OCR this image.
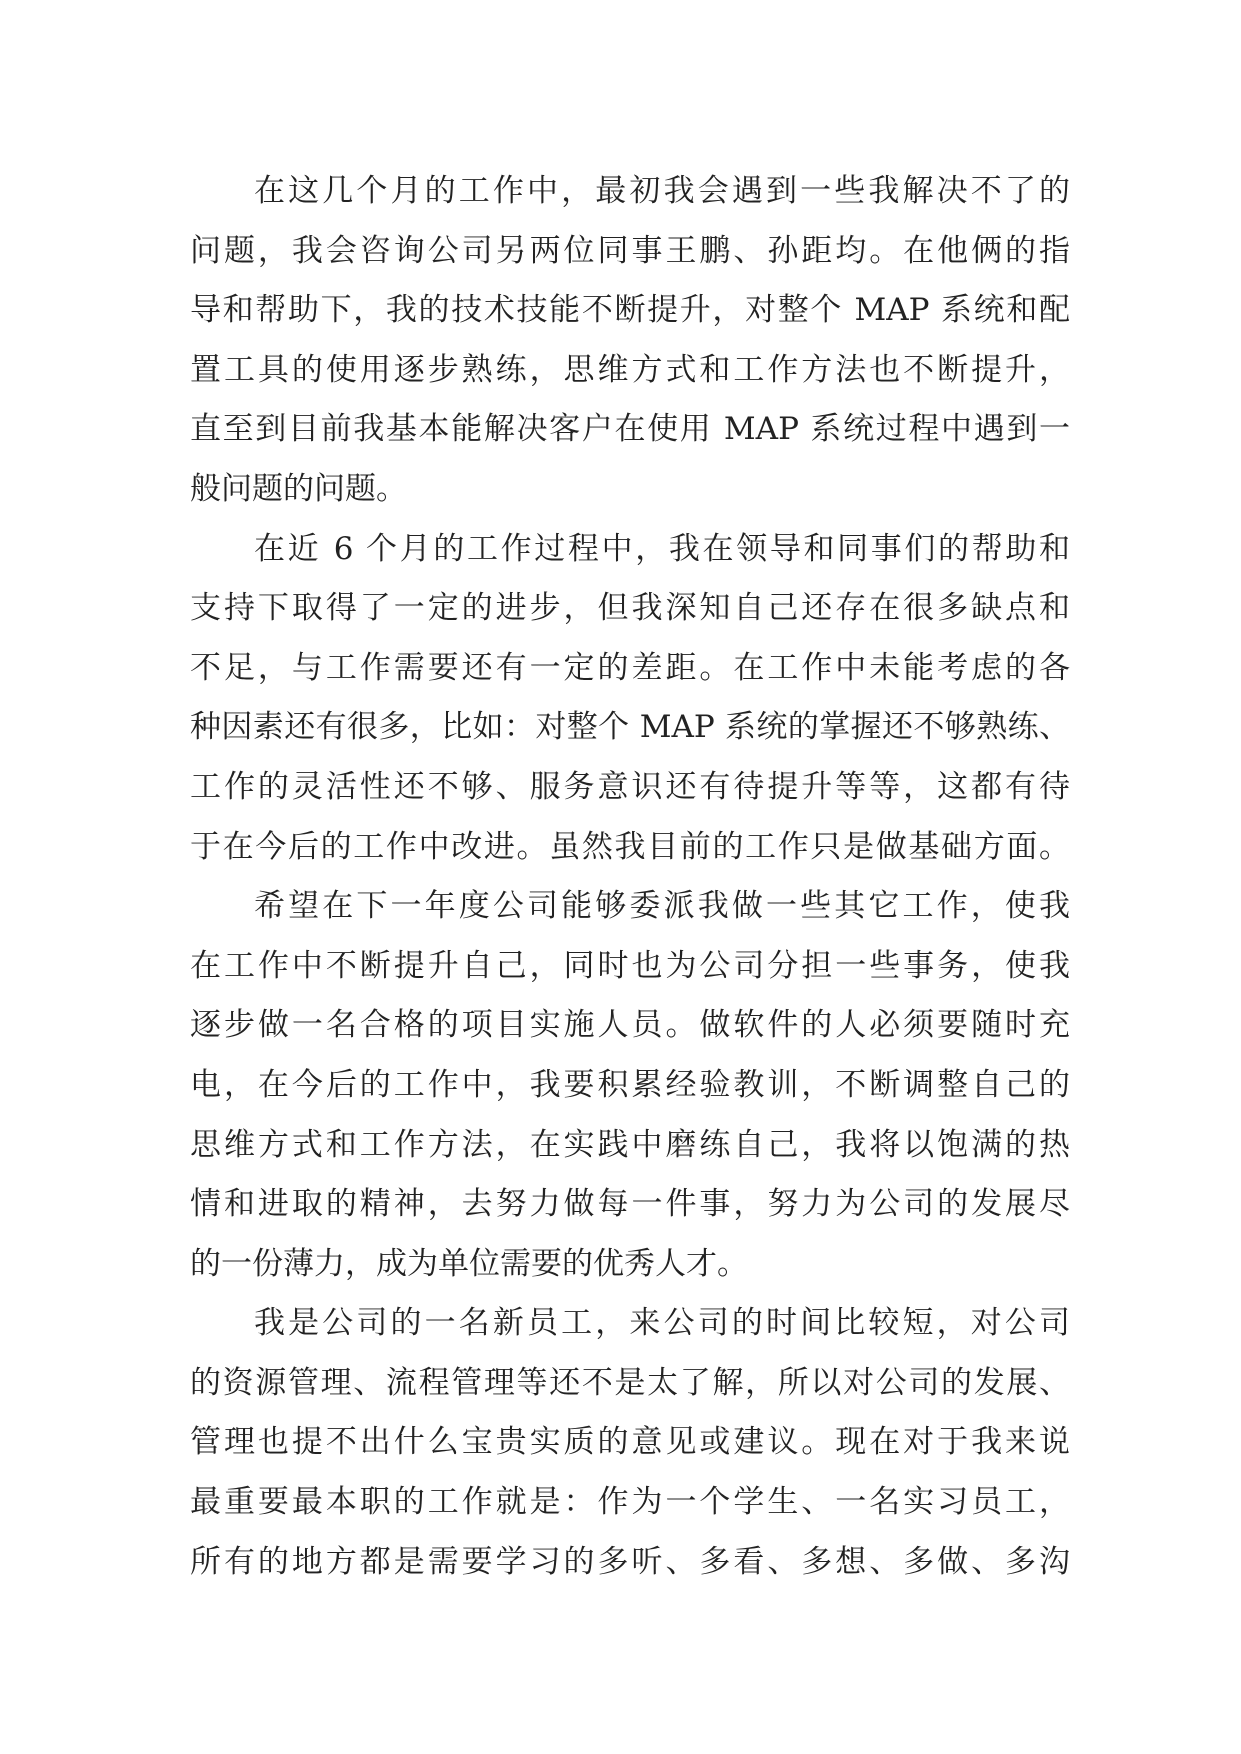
在这几个月的工作中，最初我会遇到一些我解决不了的
问题，我会咨询公司另两位同事王鹏、孙距均。在他俩的指
导和帮助下，我的技术技能不断提升，对整个 MAP 系统和配
置工具的使用逐步熟练，思维方式和工作方法也不断提升，
直至到目前我基本能解决客户在使用 MAP 系统过程中遇到一
般问题的问题。
在近 6 个月的工作过程中，我在领导和同事们的帮助和
支持下取得了一定的进步，但我深知自己还存在很多缺点和
不足，与工作需要还有一定的差距。在工作中未能考虑的各
种因素还有很多，比如：对整个 MAP 系统的掌握还不够熟练、
工作的灵活性还不够、服务意识还有待提升等等，这都有待
于在今后的工作中改进。虽然我目前的工作只是做基础方面。
希望在下一年度公司能够委派我做一些其它工作，使我
在工作中不断提升自己，同时也为公司分担一些事务，使我
逐步做一名合格的项目实施人员。做软件的人必须要随时充
电，在今后的工作中，我要积累经验教训，不断调整自己的
思维方式和工作方法，在实践中磨练自己，我将以饱满的热
情和进取的精神，去努力做每一件事，努力为公司的发展尽
的一份薄力，成为单位需要的优秀人才。
我是公司的一名新员工，来公司的时间比较短，对公司
的资源管理、流程管理等还不是太了解，所以对公司的发展、
管理也提不出什么宝贵实质的意见或建议。现在对于我来说
最重要最本职的工作就是：作为一个学生、一名实习员工，
所有的地方都是需要学习的多听、多看、多想、多做、多沟
